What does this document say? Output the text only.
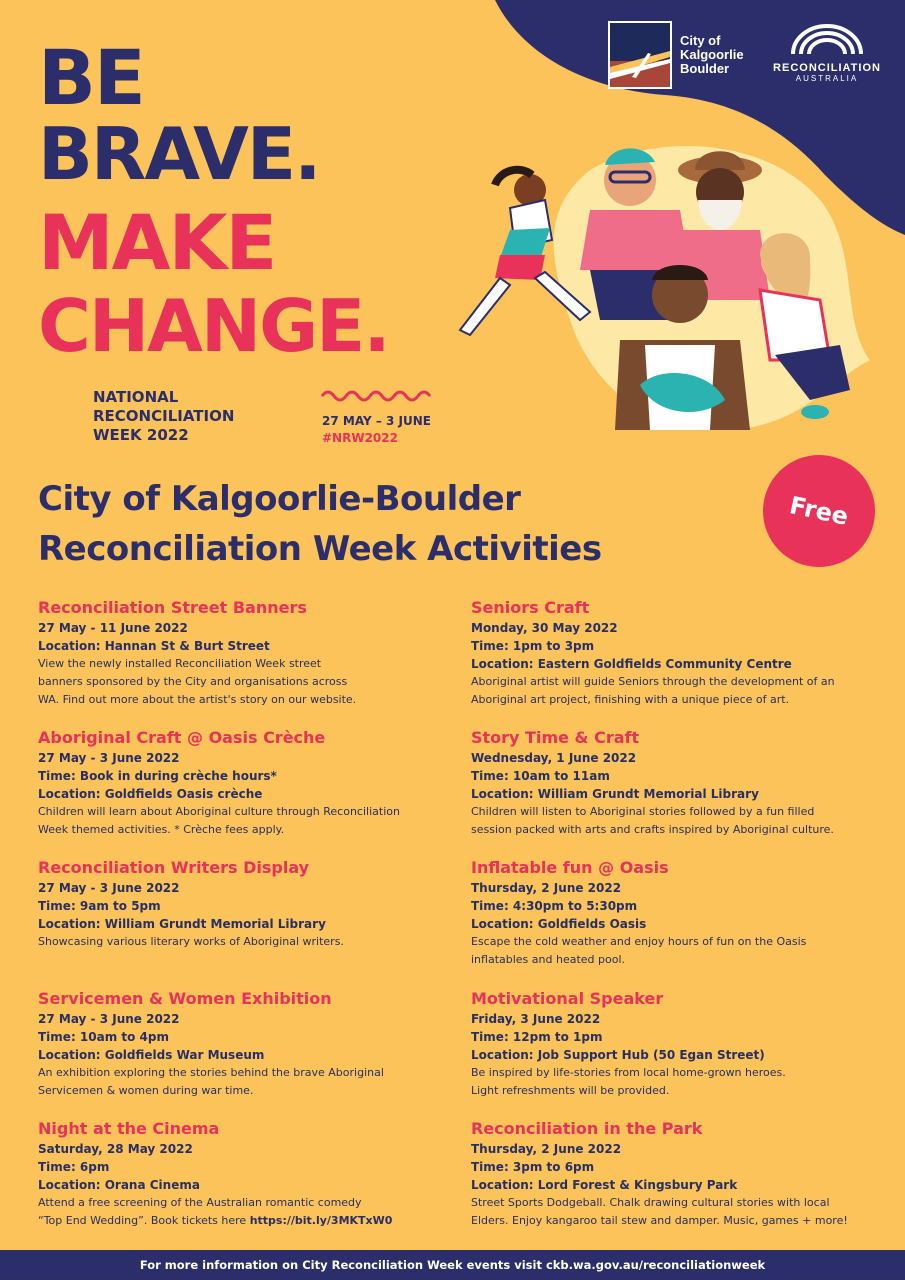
City of
Kalgoorlie
Boulder	RECONCILIATION
AUSTRALIA
BE
BRAVE.
MAKE
CHANGE.
NATIONAL
RECONCILIATION
WEEK 2022
27 MAY – 3 JUNE
#NRW2022
City of Kalgoorlie-Boulder
Reconciliation Week Activities
Free
Reconciliation Street Banners
27 May - 11 June 2022
Location: Hannan St & Burt Street
View the newly installed Reconciliation Week street
banners sponsored by the City and organisations across
WA. Find out more about the artist's story on our website.
Aboriginal Craft @ Oasis Crèche
27 May - 3 June 2022
Time: Book in during crèche hours*
Location: Goldfields Oasis crèche
Children will learn about Aboriginal culture through Reconciliation
Week themed activities. * Crèche fees apply.
Reconciliation Writers Display
27 May - 3 June 2022
Time: 9am to 5pm
Location: William Grundt Memorial Library
Showcasing various literary works of Aboriginal writers.
Servicemen & Women Exhibition
27 May - 3 June 2022
Time: 10am to 4pm
Location: Goldfields War Museum
An exhibition exploring the stories behind the brave Aboriginal
Servicemen & women during war time.
Night at the Cinema
Saturday, 28 May 2022
Time: 6pm
Location: Orana Cinema
Attend a free screening of the Australian romantic comedy
“Top End Wedding”. Book tickets here https://bit.ly/3MKTxW0
Seniors Craft
Monday, 30 May 2022
Time: 1pm to 3pm
Location: Eastern Goldfields Community Centre
Aboriginal artist will guide Seniors through the development of an
Aboriginal art project, finishing with a unique piece of art.
Story Time & Craft
Wednesday, 1 June 2022
Time: 10am to 11am
Location: William Grundt Memorial Library
Children will listen to Aboriginal stories followed by a fun filled
session packed with arts and crafts inspired by Aboriginal culture.
Inflatable fun @ Oasis
Thursday, 2 June 2022
Time: 4:30pm to 5:30pm
Location: Goldfields Oasis
Escape the cold weather and enjoy hours of fun on the Oasis
inflatables and heated pool.
Motivational Speaker
Friday, 3 June 2022
Time: 12pm to 1pm
Location: Job Support Hub (50 Egan Street)
Be inspired by life-stories from local home-grown heroes.
Light refreshments will be provided.
Reconciliation in the Park
Thursday, 2 June 2022
Time: 3pm to 6pm
Location: Lord Forest & Kingsbury Park
Street Sports Dodgeball. Chalk drawing cultural stories with local
Elders. Enjoy kangaroo tail stew and damper. Music, games + more!
For more information on City Reconciliation Week events visit ckb.wa.gov.au/reconciliationweek
